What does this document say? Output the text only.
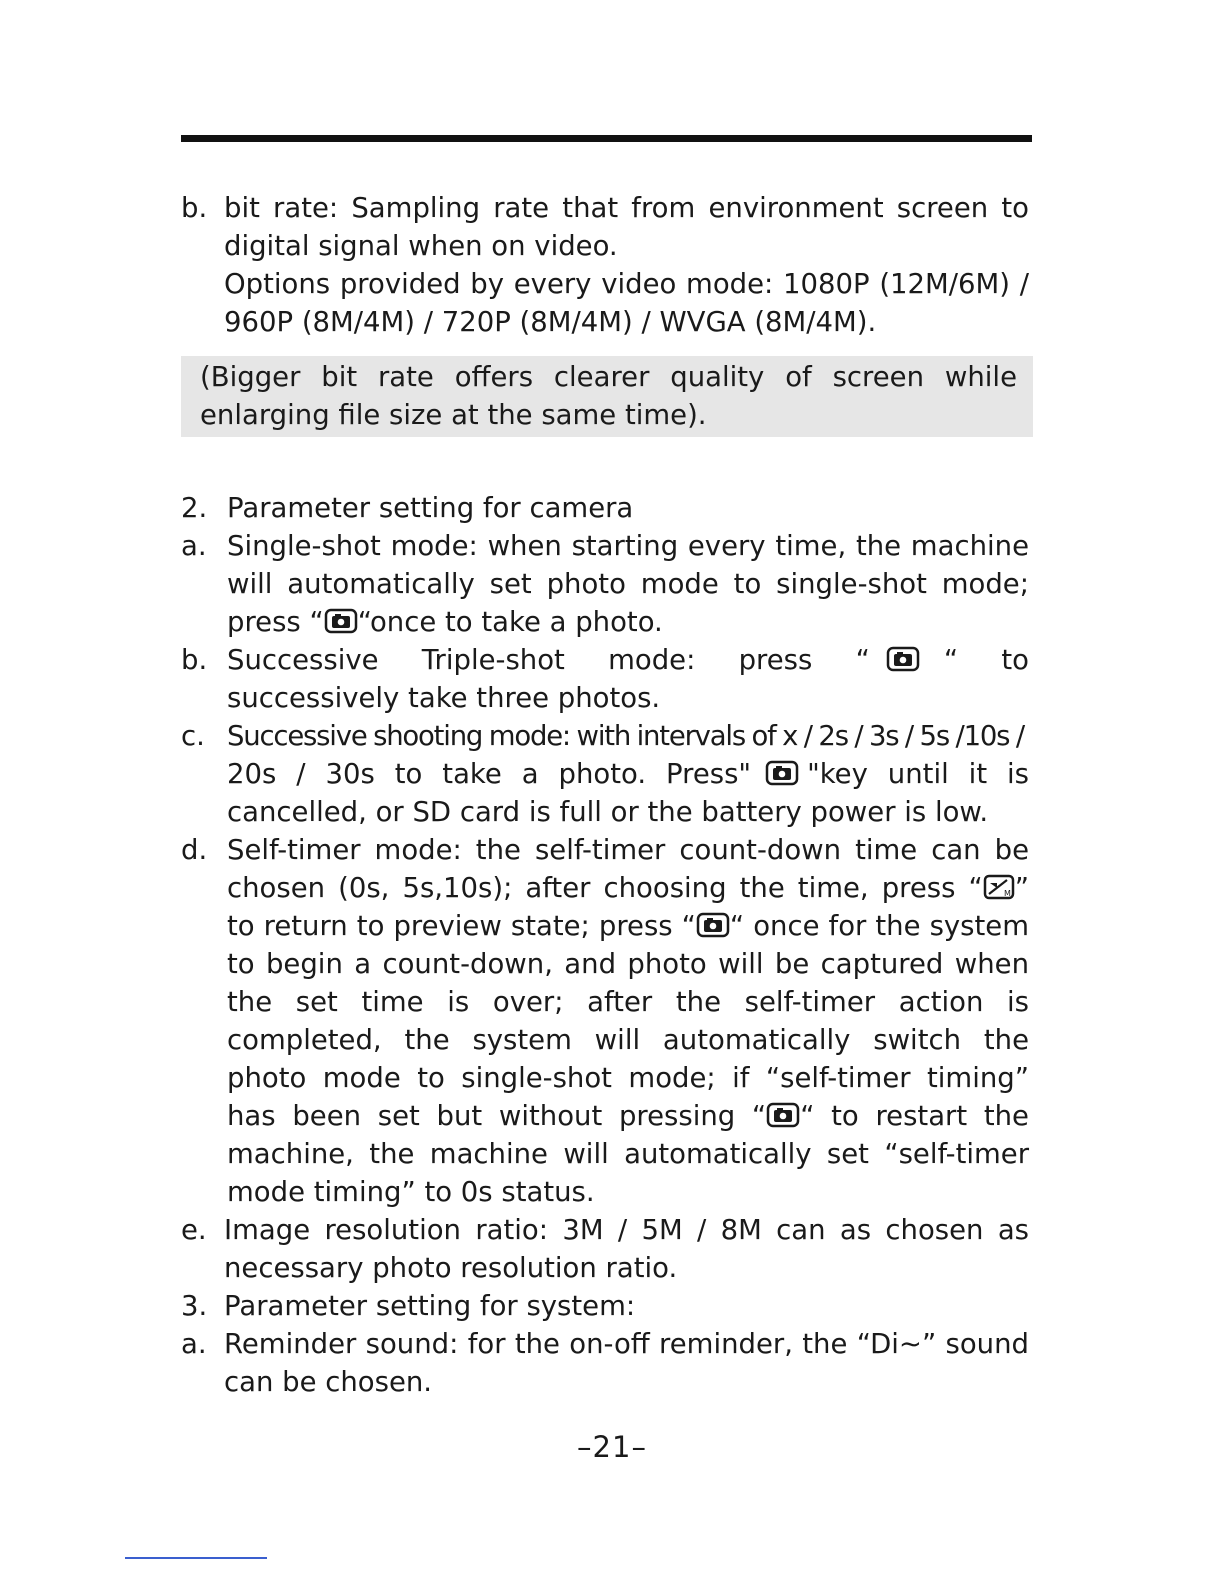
b. bit rate: Sampling rate that from environment screen to digital signal when on video.
Options provided by every video mode: 1080P (12M/6M) / 960P (8M/4M) / 720P (8M/4M) / WVGA (8M/4M).
(Bigger bit rate offers clearer quality of screen while enlarging file size at the same time).
2. Parameter setting for camera
a. Single-shot mode: when starting every time, the machine will automatically set photo mode to single-shot mode; press “ “once to take a photo.
b. Successive Triple-shot mode: press “	“ to successively take three photos.
c. Successive shooting mode: with intervals of x / 2s / 3s / 5s /10s /
20s / 30s to take a photo. Press" "key until it is cancelled, or SD card is full or the battery power is low.
d. Self-timer mode: the self-timer count-down time can be chosen (0s, 5s,10s); after choosing the time, press “	M ” to return to preview state; press “ “ once for the system to begin a count-down, and photo will be captured when the set time is over; after the self-timer action is completed, the system will automatically switch the photo mode to single-shot mode; if “self-timer timing” has been set but without pressing “ “ to restart the machine, the machine will automatically set “self-timer mode timing” to 0s status.
e. Image resolution ratio: 3M / 5M / 8M can as chosen as necessary photo resolution ratio.
3. Parameter setting for system:
a. Reminder sound: for the on-off reminder, the “Di∼” sound can be chosen.
–21–
